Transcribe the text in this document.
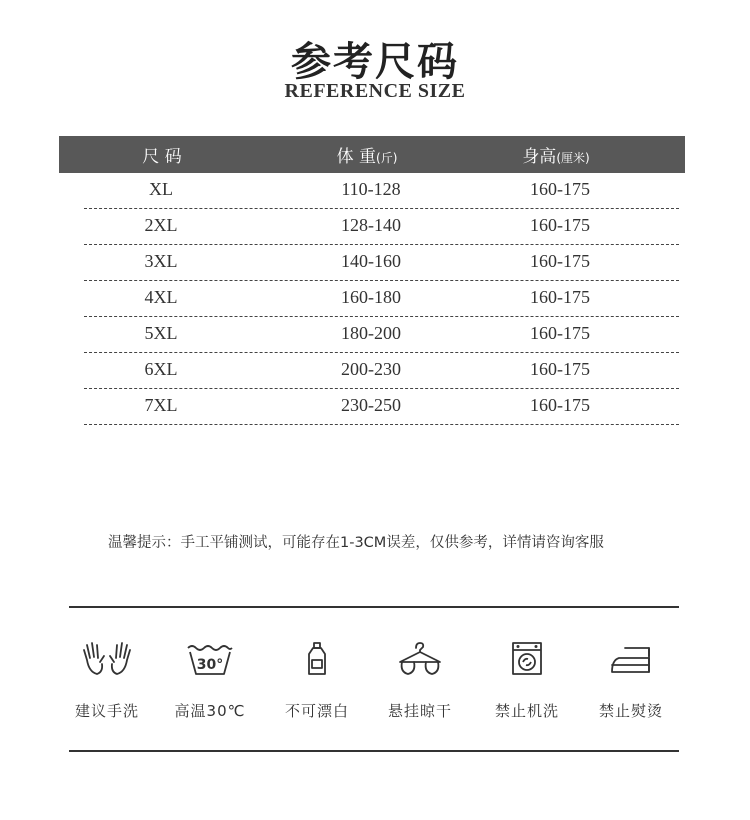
参考尺码
REFERENCE SIZE
尺 码	体 重(斤)	身高(厘米)
XL	110-128	160-175
2XL	128-140	160-175
3XL	140-160	160-175
4XL	160-180	160-175
5XL	180-200	160-175
6XL	200-230	160-175
7XL	230-250	160-175
温馨提示：手工平铺测试，可能存在1-3CM误差，仅供参考，详情请咨询客服
建议手洗
30°
高温30℃	不可漂白	悬挂晾干	禁止机洗	禁止熨烫
